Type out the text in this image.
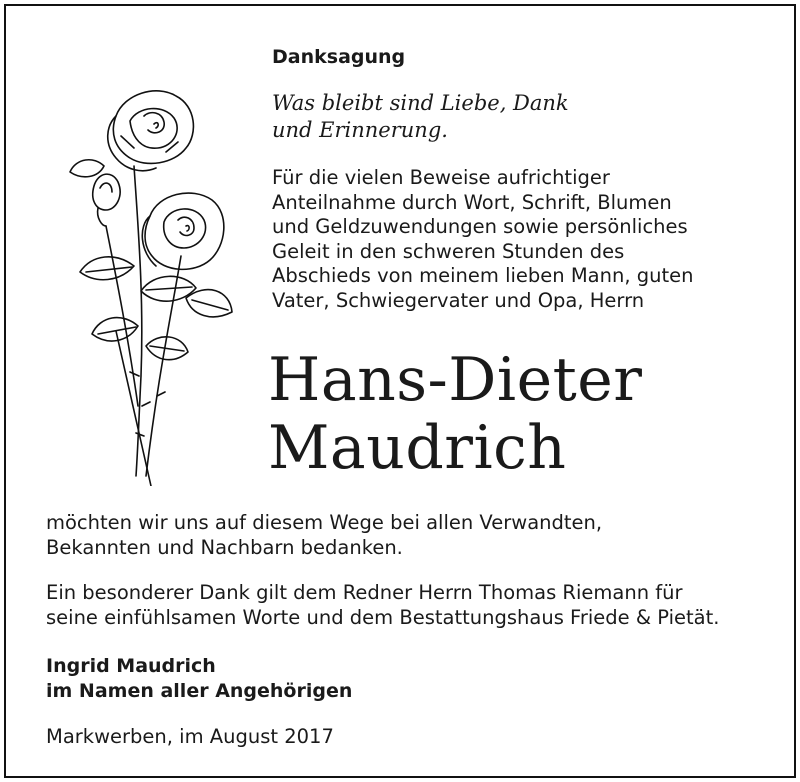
Danksagung
Was bleibt sind Liebe, Dank
und Erinnerung.
Für die vielen Beweise aufrichtiger
Anteilnahme durch Wort, Schrift, Blumen
und Geldzuwendungen sowie persönliches
Geleit in den schweren Stunden des
Abschieds von meinem lieben Mann, guten
Vater, Schwiegervater und Opa, Herrn
Hans-Dieter
Maudrich
möchten wir uns auf diesem Wege bei allen Verwandten,
Bekannten und Nachbarn bedanken.
Ein besonderer Dank gilt dem Redner Herrn Thomas Riemann für
seine einfühlsamen Worte und dem Bestattungshaus Friede & Pietät.
Ingrid Maudrich
im Namen aller Angehörigen
Markwerben, im August 2017
